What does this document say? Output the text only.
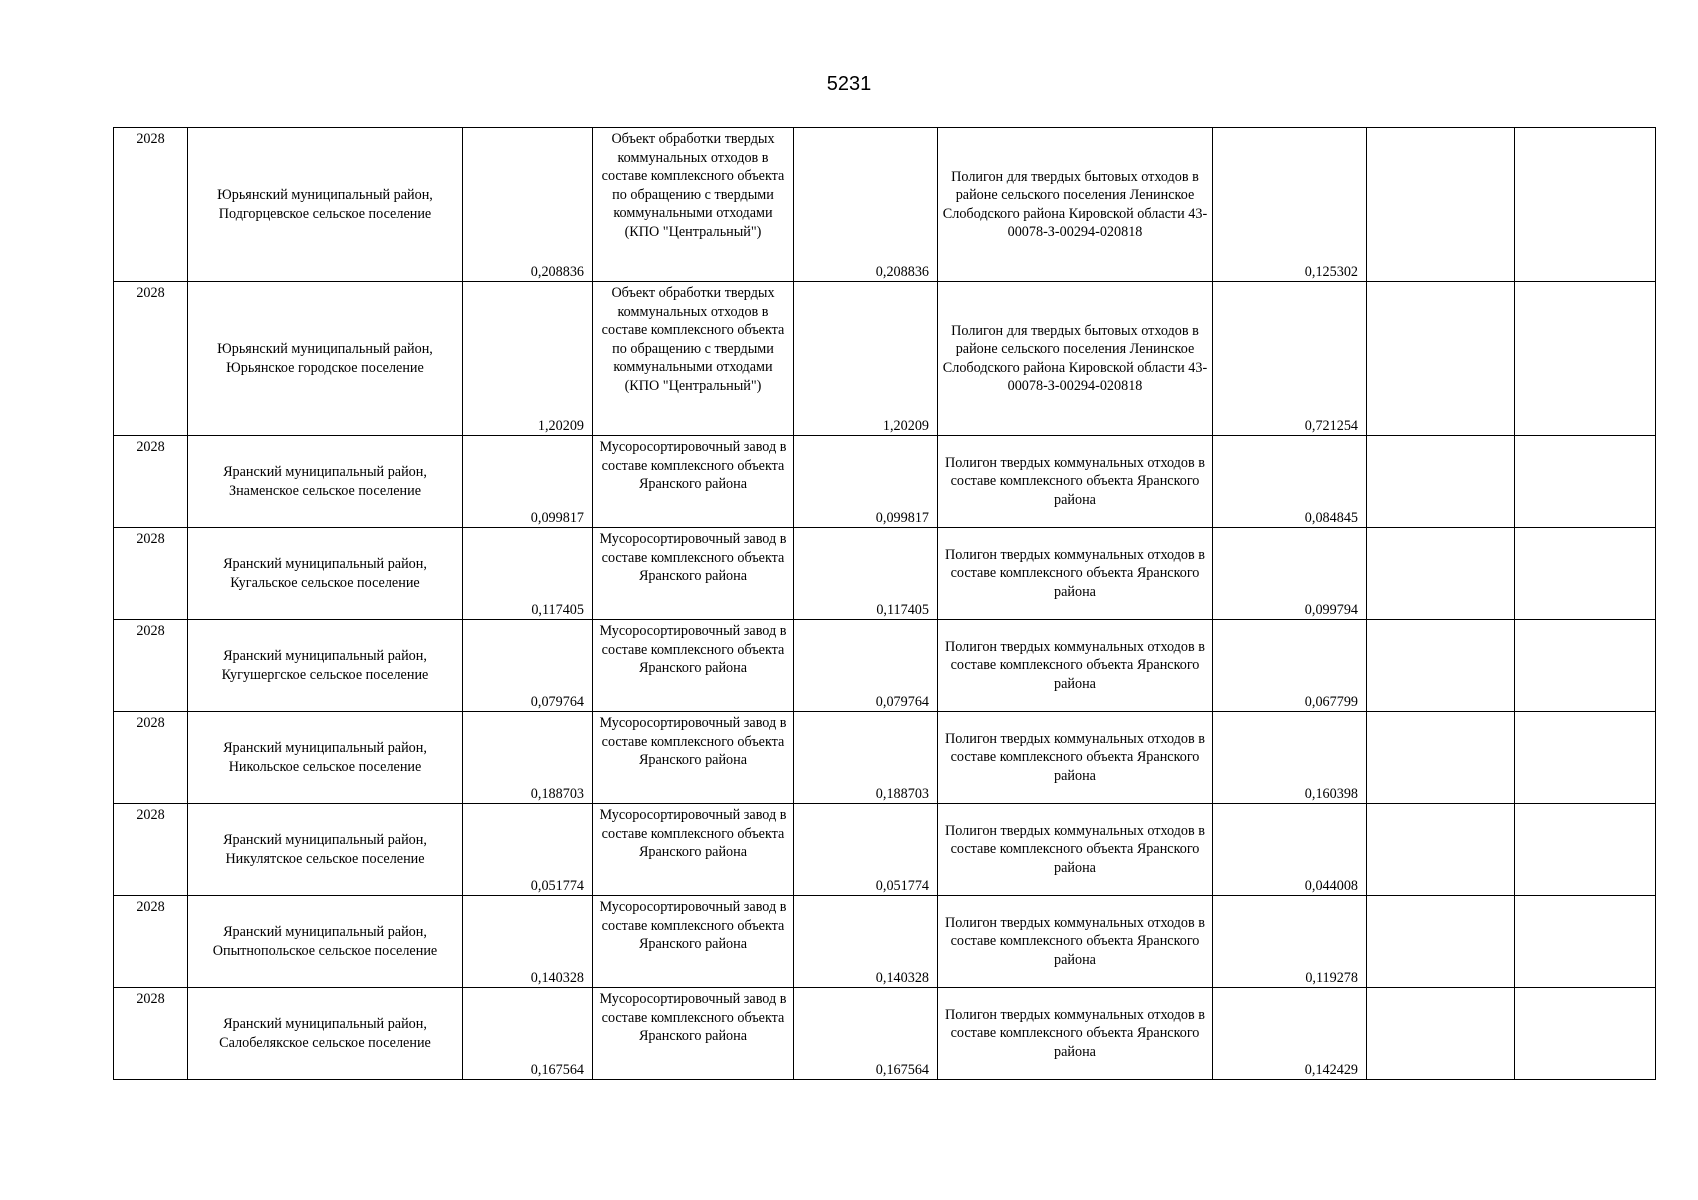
5231
2028	Юрьянский муниципальный район, Подгорцевское сельское поселение	0,208836	Объект обработки твердых коммунальных отходов в составе комплексного объекта по обращению с твердыми коммунальными отходами (КПО "Центральный")	0,208836	Полигон для твердых бытовых отходов в районе сельского поселения Ленинское Слободского района Кировской области 43-00078-З-00294-020818	0,125302		
2028	Юрьянский муниципальный район, Юрьянское городское поселение	1,20209	Объект обработки твердых коммунальных отходов в составе комплексного объекта по обращению с твердыми коммунальными отходами (КПО "Центральный")	1,20209	Полигон для твердых бытовых отходов в районе сельского поселения Ленинское Слободского района Кировской области 43-00078-З-00294-020818	0,721254		
2028	Яранский муниципальный район, Знаменское сельское поселение	0,099817	Мусоросортировочный завод в составе комплексного объекта Яранского района	0,099817	Полигон твердых коммунальных отходов в составе комплексного объекта Яранского района	0,084845		
2028	Яранский муниципальный район, Кугальское сельское поселение	0,117405	Мусоросортировочный завод в составе комплексного объекта Яранского района	0,117405	Полигон твердых коммунальных отходов в составе комплексного объекта Яранского района	0,099794		
2028	Яранский муниципальный район, Кугушергское сельское поселение	0,079764	Мусоросортировочный завод в составе комплексного объекта Яранского района	0,079764	Полигон твердых коммунальных отходов в составе комплексного объекта Яранского района	0,067799		
2028	Яранский муниципальный район, Никольское сельское поселение	0,188703	Мусоросортировочный завод в составе комплексного объекта Яранского района	0,188703	Полигон твердых коммунальных отходов в составе комплексного объекта Яранского района	0,160398		
2028	Яранский муниципальный район, Никулятское сельское поселение	0,051774	Мусоросортировочный завод в составе комплексного объекта Яранского района	0,051774	Полигон твердых коммунальных отходов в составе комплексного объекта Яранского района	0,044008		
2028	Яранский муниципальный район, Опытнопольское сельское поселение	0,140328	Мусоросортировочный завод в составе комплексного объекта Яранского района	0,140328	Полигон твердых коммунальных отходов в составе комплексного объекта Яранского района	0,119278		
2028	Яранский муниципальный район, Салобелякское сельское поселение	0,167564	Мусоросортировочный завод в составе комплексного объекта Яранского района	0,167564	Полигон твердых коммунальных отходов в составе комплексного объекта Яранского района	0,142429		
